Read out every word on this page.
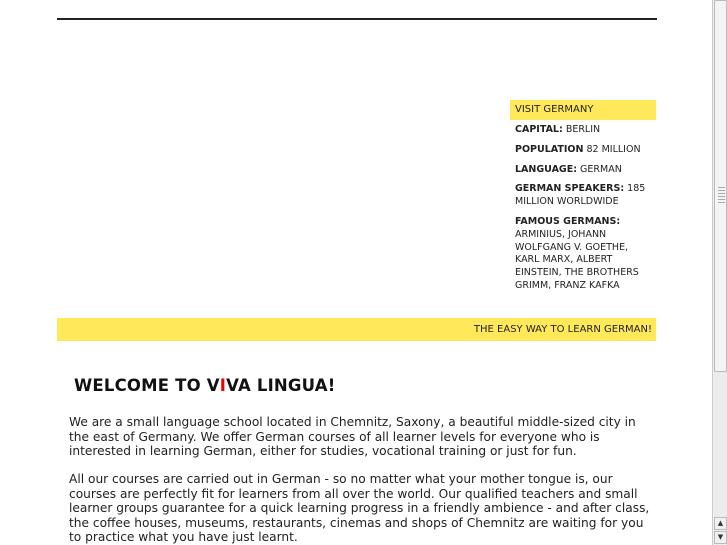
VISIT GERMANY
CAPITAL: BERLIN
POPULATION 82 MILLION
LANGUAGE: GERMAN
GERMAN SPEAKERS: 185 MILLION WORLDWIDE
FAMOUS GERMANS: ARMINIUS, JOHANN WOLFGANG V. GOETHE, KARL MARX, ALBERT EINSTEIN, THE BROTHERS GRIMM, FRANZ KAFKA
THE EASY WAY TO LEARN GERMAN!
WELCOME TO VIVA LINGUA!
We are a small language school located in Chemnitz, Saxony, a beautiful middle-sized city in the east of Germany. We offer German courses of all learner levels for everyone who is interested in learning German, either for studies, vocational training or just for fun.
All our courses are carried out in German - so no matter what your mother tongue is, our courses are perfectly fit for learners from all over the world. Our qualified teachers and small learner groups guarantee for a quick learning progress in a friendly ambience - and after class, the coffee houses, museums, restaurants, cinemas and shops of Chemnitz are waiting for you to practice what you have just learnt.
▲
▼
